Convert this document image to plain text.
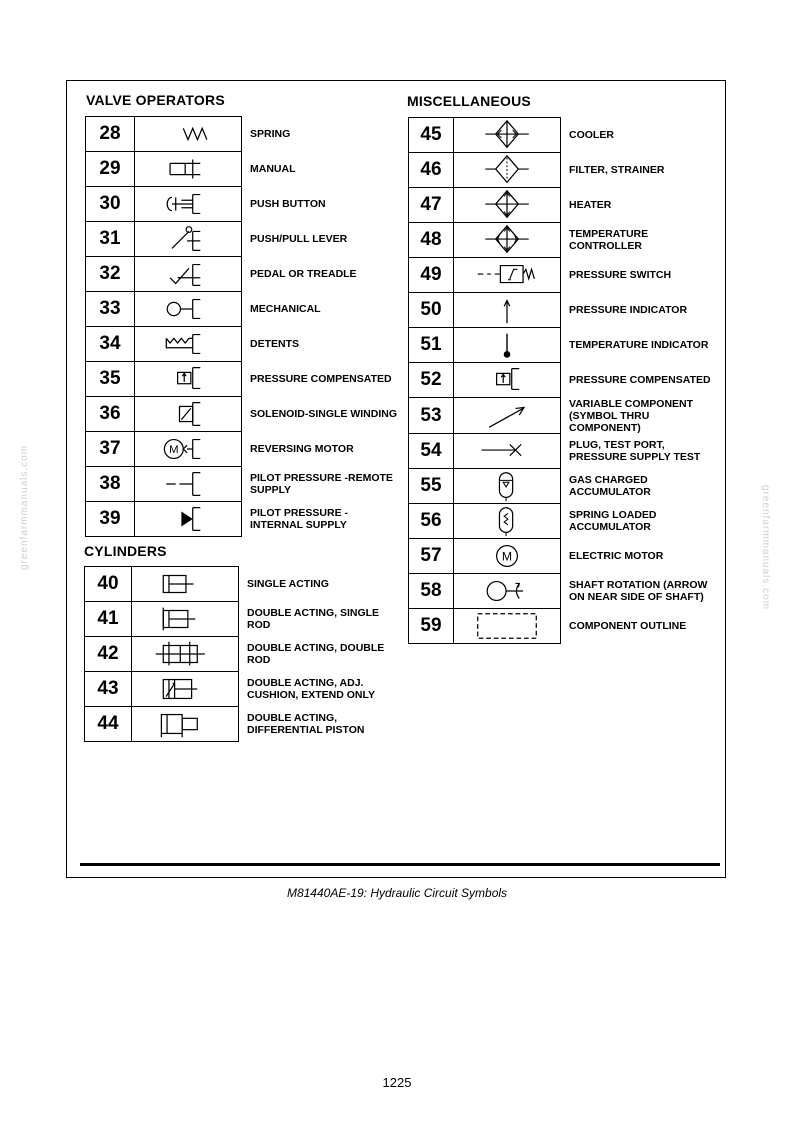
VALVE OPERATORS
CYLINDERS
MISCELLANEOUS
28		SPRING
29		MANUAL
30		PUSH BUTTON
31		PUSH/PULL LEVER
32		PEDAL OR TREADLE
33		MECHANICAL
34		DETENTS
35		PRESSURE COMPENSATED
36		SOLENOID-SINGLE WINDING
37	M	REVERSING MOTOR
38		PILOT PRESSURE -REMOTE SUPPLY
39		PILOT PRESSURE -INTERNAL SUPPLY
40		SINGLE ACTING
41		DOUBLE ACTING, SINGLE ROD
42		DOUBLE ACTING, DOUBLE ROD
43		DOUBLE ACTING, ADJ. CUSHION, EXTEND ONLY
44		DOUBLE ACTING, DIFFERENTIAL PISTON
45		COOLER
46		FILTER, STRAINER
47		HEATER
48		TEMPERATURE CONTROLLER
49		PRESSURE SWITCH
50		PRESSURE INDICATOR
51		TEMPERATURE INDICATOR
52		PRESSURE COMPENSATED
53		VARIABLE COMPONENT (SYMBOL THRU COMPONENT)
54		PLUG, TEST PORT, PRESSURE SUPPLY TEST
55		GAS CHARGED ACCUMULATOR
56		SPRING LOADED ACCUMULATOR
57	M	ELECTRIC MOTOR
58		SHAFT ROTATION (ARROW ON NEAR SIDE OF SHAFT)
59		COMPONENT OUTLINE
M81440AE-19: Hydraulic Circuit Symbols
1225
greenfarmmanuals.com	greenfarmmanuals.com
